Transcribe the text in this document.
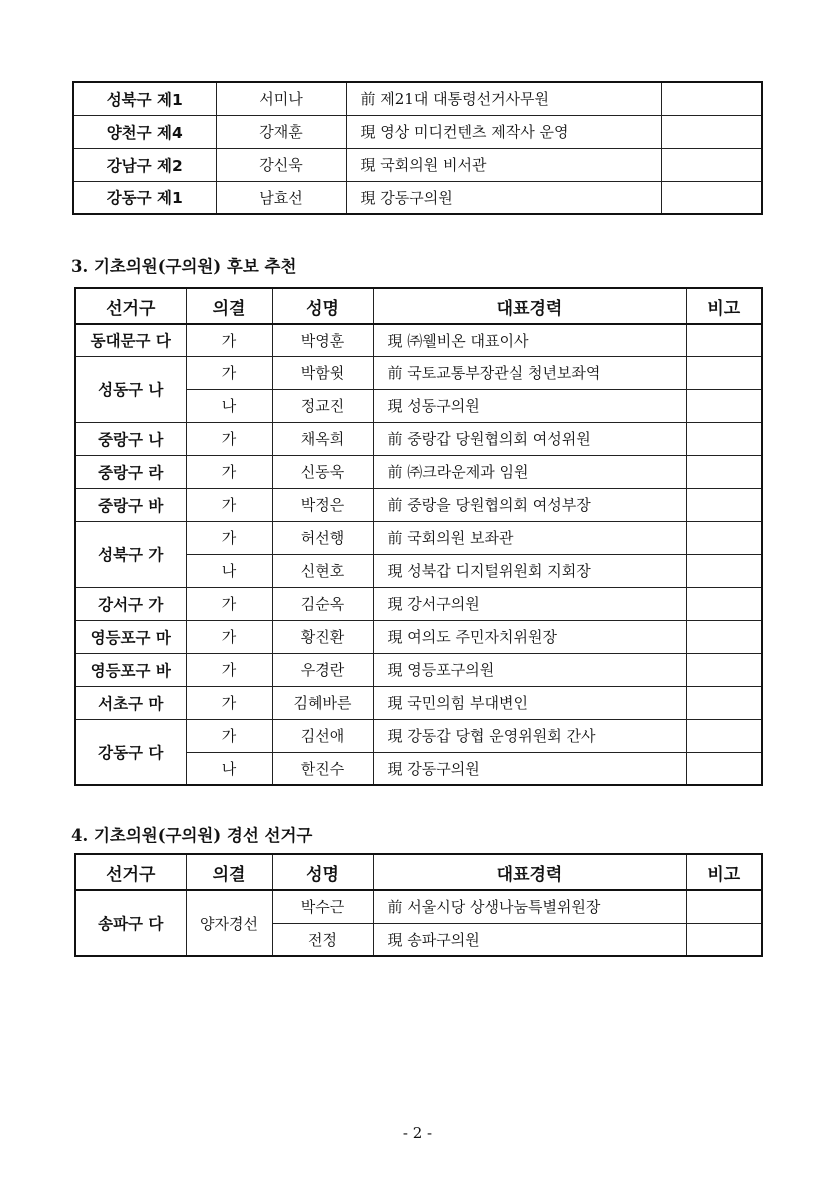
성북구 제1	서미나	前 제21대 대통령선거사무원	
양천구 제4	강재훈	現 영상 미디컨텐츠 제작사 운영	
강남구 제2	강신욱	現 국회의원 비서관	
강동구 제1	남효선	現 강동구의원	
3. 기초의원(구의원) 후보 추천
선거구	의결	성명	대표경력	비고
동대문구 다	가	박영훈	現 ㈜웰비온 대표이사	
성동구 나	가	박함윗	前 국토교통부장관실 청년보좌역	
	나	정교진	現 성동구의원	
중랑구 나	가	채옥희	前 중랑갑 당원협의회 여성위원	
중랑구 라	가	신동욱	前 ㈜크라운제과 임원	
중랑구 바	가	박정은	前 중랑을 당원협의회 여성부장	
성북구 가	가	허선행	前 국회의원 보좌관	
	나	신현호	現 성북갑 디지털위원회 지회장	
강서구 가	가	김순옥	現 강서구의원	
영등포구 마	가	황진환	現 여의도 주민자치위원장	
영등포구 바	가	우경란	現 영등포구의원	
서초구 마	가	김혜바른	現 국민의힘 부대변인	
강동구 다	가	김선애	現 강동갑 당협 운영위원회 간사	
	나	한진수	現 강동구의원	
4. 기초의원(구의원) 경선 선거구
선거구	의결	성명	대표경력	비고
송파구 다	양자경선	박수근	前 서울시당 상생나눔특별위원장	
		전정	現 송파구의원	
- 2 -
